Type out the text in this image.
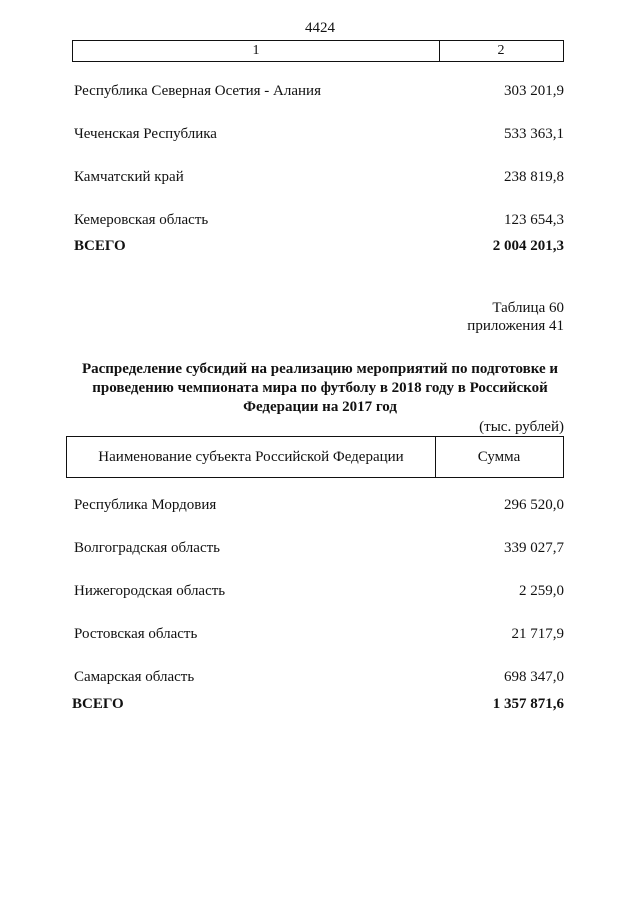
4424
1	2
Республика Северная Осетия - Алания	303 201,9
Чеченская Республика	533 363,1
Камчатский край	238 819,8
Кемеровская область	123 654,3
ВСЕГО	2 004 201,3
Таблица 60
приложения 41
Распределение субсидий на реализацию мероприятий по подготовке и проведению чемпионата мира по футболу в 2018 году в Российской Федерации на 2017 год
(тыс. рублей)
Наименование субъекта Российской Федерации	Сумма
Республика Мордовия	296 520,0
Волгоградская область	339 027,7
Нижегородская область	2 259,0
Ростовская область	21 717,9
Самарская область	698 347,0
ВСЕГО	1 357 871,6
